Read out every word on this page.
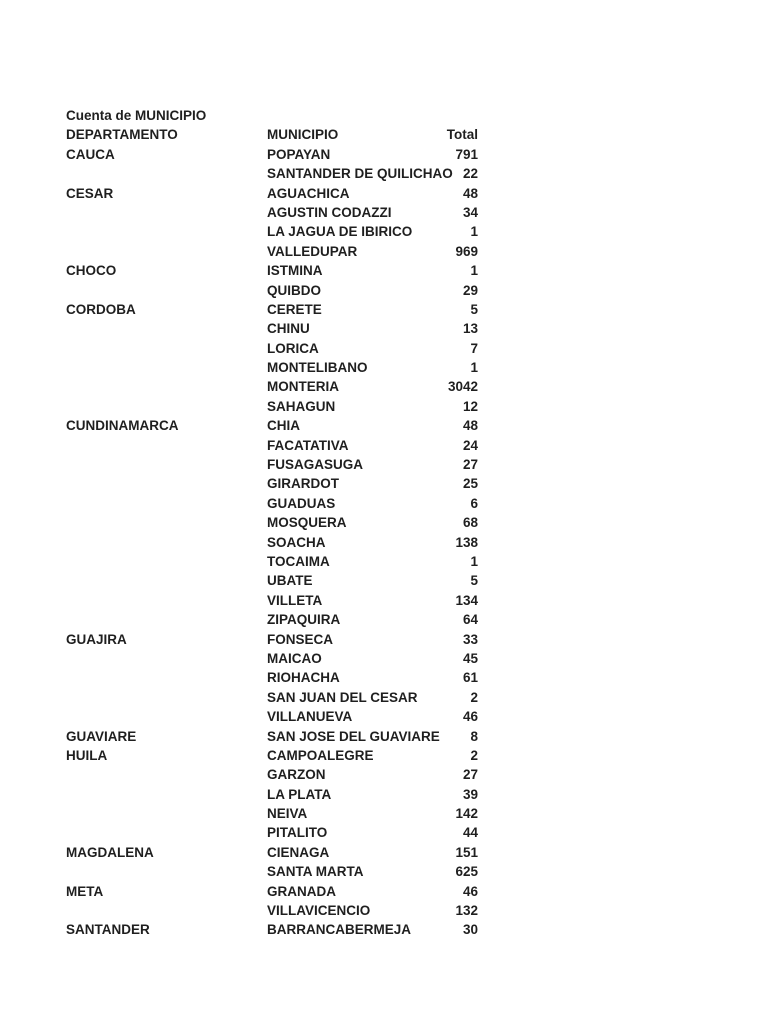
Cuenta de MUNICIPIO
DEPARTAMENTO	MUNICIPIO	Total
CAUCA	POPAYAN	791
SANTANDER DE QUILICHAO 22
CESAR	AGUACHICA	48
AGUSTIN CODAZZI	34
LA JAGUA DE IBIRICO	1
VALLEDUPAR	969
CHOCO	ISTMINA	1
QUIBDO	29
CORDOBA	CERETE	5
CHINU	13
LORICA	7
MONTELIBANO	1
MONTERIA	3042
SAHAGUN	12
CUNDINAMARCA	CHIA	48
FACATATIVA	24
FUSAGASUGA	27
GIRARDOT	25
GUADUAS	6
MOSQUERA	68
SOACHA	138
TOCAIMA	1
UBATE	5
VILLETA	134
ZIPAQUIRA	64
GUAJIRA	FONSECA	33
MAICAO	45
RIOHACHA	61
SAN JUAN DEL CESAR	2
VILLANUEVA	46
GUAVIARE	SAN JOSE DEL GUAVIARE	8
HUILA	CAMPOALEGRE	2
GARZON	27
LA PLATA	39
NEIVA	142
PITALITO	44
MAGDALENA	CIENAGA	151
SANTA MARTA	625
META	GRANADA	46
VILLAVICENCIO	132
SANTANDER	BARRANCABERMEJA	30
